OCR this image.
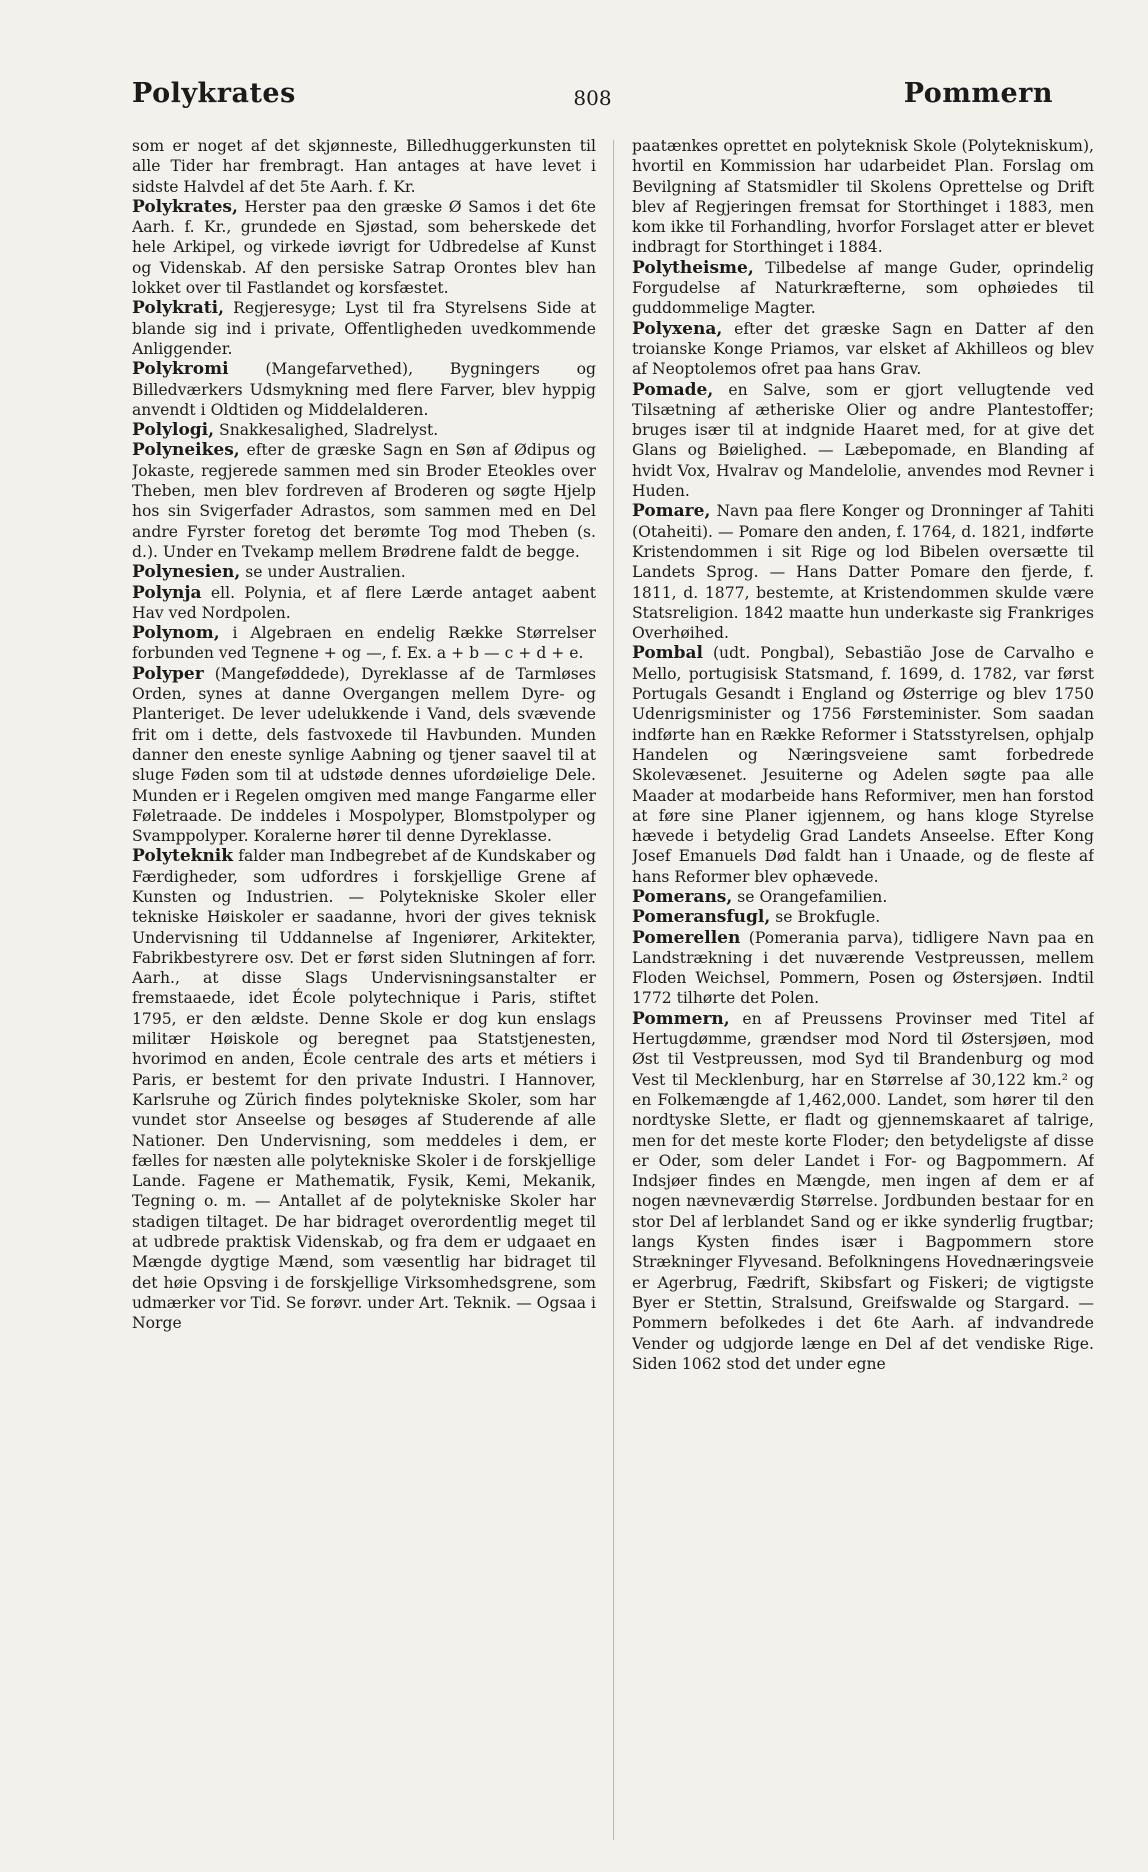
Polykrates	808	Pommern

som er noget af det skjønneste, Billedhuggerkunsten til alle Tider har frembragt. Han antages at have levet i sidste Halvdel af det 5te Aarh. f. Kr.

Polykrates, Herster paa den græske Ø Samos i det 6te Aarh. f. Kr., grundede en Sjøstad, som beherskede det hele Arkipel, og virkede iøvrigt for Udbredelse af Kunst og Videnskab. Af den persiske Satrap Orontes blev han lokket over til Fastlandet og korsfæstet.

Polykrati, Regjeresyge; Lyst til fra Styrelsens Side at blande sig ind i private, Offentligheden uvedkommende Anliggender.

Polykromi (Mangefarvethed), Bygningers og Billedværkers Udsmykning med flere Farver, blev hyppig anvendt i Oldtiden og Middelalderen.

Polylogi, Snakkesalighed, Sladrelyst.

Polyneikes, efter de græske Sagn en Søn af Ødipus og Jokaste, regjerede sammen med sin Broder Eteokles over Theben, men blev fordreven af Broderen og søgte Hjelp hos sin Svigerfader Adrastos, som sammen med en Del andre Fyrster foretog det berømte Tog mod Theben (s. d.). Under en Tvekamp mellem Brødrene faldt de begge.

Polynesien, se under Australien.

Polynja ell. Polynia, et af flere Lærde antaget aabent Hav ved Nordpolen.

Polynom, i Algebraen en endelig Række Størrelser forbunden ved Tegnene + og —, f. Ex. a + b — c + d + e.

Polyper (Mangeføddede), Dyreklasse af de Tarmløses Orden, synes at danne Overgangen mellem Dyre- og Planteriget. De lever udelukkende i Vand, dels svævende frit om i dette, dels fastvoxede til Havbunden. Munden danner den eneste synlige Aabning og tjener saavel til at sluge Føden som til at udstøde dennes ufordøielige Dele. Munden er i Regelen omgiven med mange Fangarme eller Føletraade. De inddeles i Mospolyper, Blomstpolyper og Svamppolyper. Koralerne hører til denne Dyreklasse.

Polyteknik falder man Indbegrebet af de Kundskaber og Færdigheder, som udfordres i forskjellige Grene af Kunsten og Industrien. — Polytekniske Skoler eller tekniske Høiskoler er saadanne, hvori der gives teknisk Undervisning til Uddannelse af Ingeniører, Arkitekter, Fabrikbestyrere osv. Det er først siden Slutningen af forr. Aarh., at disse Slags Undervisningsanstalter er fremstaaede, idet École polytechnique i Paris, stiftet 1795, er den ældste. Denne Skole er dog kun enslags militær Høiskole og beregnet paa Statstjenesten, hvorimod en anden, École centrale des arts et métiers i Paris, er bestemt for den private Industri. I Hannover, Karlsruhe og Zürich findes polytekniske Skoler, som har vundet stor Anseelse og besøges af Studerende af alle Nationer. Den Undervisning, som meddeles i dem, er fælles for næsten alle polytekniske Skoler i de forskjellige Lande. Fagene er Mathematik, Fysik, Kemi, Mekanik, Tegning o. m. — Antallet af de polytekniske Skoler har stadigen tiltaget. De har bidraget overordentlig meget til at udbrede praktisk Videnskab, og fra dem er udgaaet en Mængde dygtige Mænd, som væsentlig har bidraget til det høie Opsving i de forskjellige Virksomhedsgrene, som udmærker vor Tid. Se forøvr. under Art. Teknik. — Ogsaa i Norge

paatænkes oprettet en polyteknisk Skole (Polytekniskum), hvortil en Kommission har udarbeidet Plan. Forslag om Bevilgning af Statsmidler til Skolens Oprettelse og Drift blev af Regjeringen fremsat for Storthinget i 1883, men kom ikke til Forhandling, hvorfor Forslaget atter er blevet indbragt for Storthinget i 1884.

Polytheisme, Tilbedelse af mange Guder, oprindelig Forgudelse af Naturkræfterne, som ophøiedes til guddommelige Magter.

Polyxena, efter det græske Sagn en Datter af den troianske Konge Priamos, var elsket af Akhilleos og blev af Neoptolemos ofret paa hans Grav.

Pomade, en Salve, som er gjort vellugtende ved Tilsætning af ætheriske Olier og andre Plantestoffer; bruges især til at indgnide Haaret med, for at give det Glans og Bøielighed. — Læbepomade, en Blanding af hvidt Vox, Hvalrav og Mandelolie, anvendes mod Revner i Huden.

Pomare, Navn paa flere Konger og Dronninger af Tahiti (Otaheiti). — Pomare den anden, f. 1764, d. 1821, indførte Kristendommen i sit Rige og lod Bibelen oversætte til Landets Sprog. — Hans Datter Pomare den fjerde, f. 1811, d. 1877, bestemte, at Kristendommen skulde være Statsreligion. 1842 maatte hun underkaste sig Frankriges Overhøihed.

Pombal (udt. Pongbal), Sebastião Jose de Carvalho e Mello, portugisisk Statsmand, f. 1699, d. 1782, var først Portugals Gesandt i England og Østerrige og blev 1750 Udenrigsminister og 1756 Førsteminister. Som saadan indførte han en Række Reformer i Statsstyrelsen, ophjalp Handelen og Næringsveiene samt forbedrede Skolevæsenet. Jesuiterne og Adelen søgte paa alle Maader at modarbeide hans Reformiver, men han forstod at føre sine Planer igjennem, og hans kloge Styrelse hævede i betydelig Grad Landets Anseelse. Efter Kong Josef Emanuels Død faldt han i Unaade, og de fleste af hans Reformer blev ophævede.

Pomerans, se Orangefamilien.

Pomeransfugl, se Brokfugle.

Pomerellen (Pomerania parva), tidligere Navn paa en Landstrækning i det nuværende Vestpreussen, mellem Floden Weichsel, Pommern, Posen og Østersjøen. Indtil 1772 tilhørte det Polen.

Pommern, en af Preussens Provinser med Titel af Hertugdømme, grændser mod Nord til Østersjøen, mod Øst til Vestpreussen, mod Syd til Brandenburg og mod Vest til Mecklenburg, har en Størrelse af 30,122 km.² og en Folkemængde af 1,462,000. Landet, som hører til den nordtyske Slette, er fladt og gjennemskaaret af talrige, men for det meste korte Floder; den betydeligste af disse er Oder, som deler Landet i For- og Bagpommern. Af Indsjøer findes en Mængde, men ingen af dem er af nogen nævneværdig Størrelse. Jordbunden bestaar for en stor Del af lerblandet Sand og er ikke synderlig frugtbar; langs Kysten findes især i Bagpommern store Strækninger Flyvesand. Befolkningens Hovednæringsveie er Agerbrug, Fædrift, Skibsfart og Fiskeri; de vigtigste Byer er Stettin, Stralsund, Greifswalde og Stargard. — Pommern befolkedes i det 6te Aarh. af indvandrede Vender og udgjorde længe en Del af det vendiske Rige. Siden 1062 stod det under egne
